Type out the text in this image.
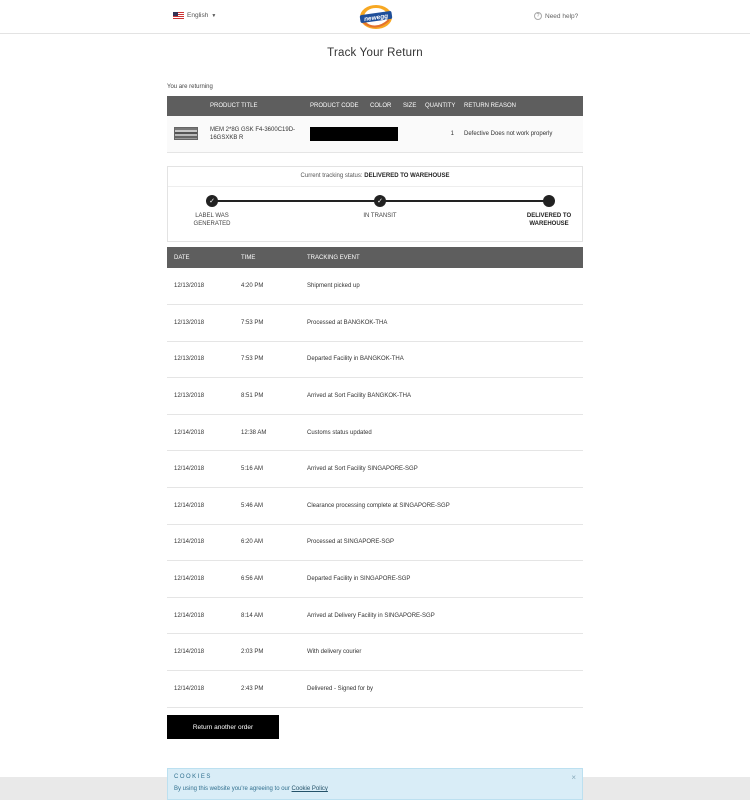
English ▼	newegg	? Need help?
Track Your Return
You are returning
	PRODUCT TITLE	PRODUCT CODE	COLOR	SIZE	QUANTITY	RETURN REASON

	MEM 2*8G GSK F4-3600C19D-16GSXKB R				1	Defective Does not work properly
Current tracking status: DELIVERED TO WAREHOUSE
✓	✓
LABEL WAS
GENERATED
IN TRANSIT	DELIVERED TO
WAREHOUSE
DATE	TIME	TRACKING EVENT
12/13/2018	4:20 PM	Shipment picked up
12/13/2018	7:53 PM	Processed at BANGKOK-THA
12/13/2018	7:53 PM	Departed Facility in BANGKOK-THA
12/13/2018	8:51 PM	Arrived at Sort Facility BANGKOK-THA
12/14/2018	12:38 AM	Customs status updated
12/14/2018	5:16 AM	Arrived at Sort Facility SINGAPORE-SGP
12/14/2018	5:46 AM	Clearance processing complete at SINGAPORE-SGP
12/14/2018	6:20 AM	Processed at SINGAPORE-SGP
12/14/2018	6:56 AM	Departed Facility in SINGAPORE-SGP
12/14/2018	8:14 AM	Arrived at Delivery Facility in SINGAPORE-SGP
12/14/2018	2:03 PM	With delivery courier
12/14/2018	2:43 PM	Delivered - Signed for by
Return another order
COOKIES
By using this website you're agreeing to our Cookie Policy
×
